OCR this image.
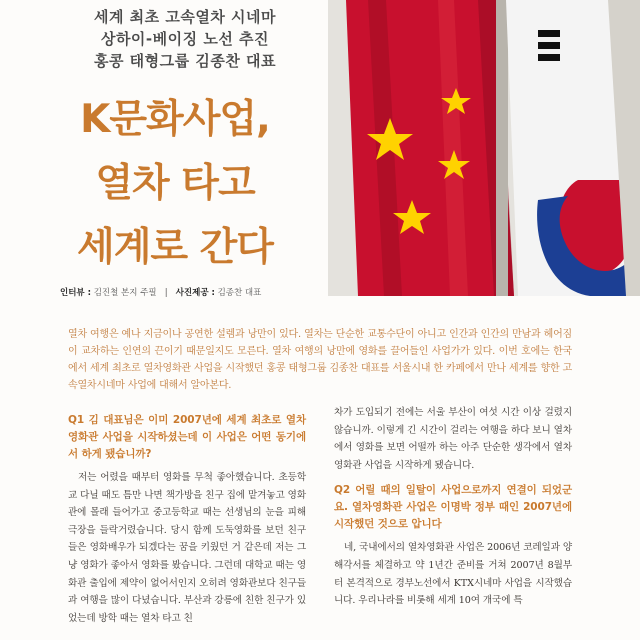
세계 최초 고속열차 시네마
상하이-베이징 노선 추진
홍콩 태형그룹 김종찬 대표
K문화사업,
열차 타고
세계로 간다
인터뷰 : 김진철 본지 주필 | 사진제공 : 김종찬 대표
열차 여행은 예나 지금이나 공연한 설렘과 낭만이 있다. 열차는 단순한 교통수단이 아니고 인간과 인간의 만남과 헤어짐이 교차하는 인연의 끈이기 때문일지도 모른다. 열차 여행의 낭만에 영화를 끌어들인 사업가가 있다. 이번 호에는 한국에서 세계 최초로 열차영화관 사업을 시작했던 홍콩 태형그룹 김종찬 대표를 서울시내 한 카페에서 만나 세계를 향한 고속열차시네마 사업에 대해서 알아본다.
Q1 김 대표님은 이미 2007년에 세계 최초로 열차영화관 사업을 시작하셨는데 이 사업은 어떤 동기에서 하게 됐습니까?
저는 어렸을 때부터 영화를 무척 좋아했습니다. 초등학교 다닐 때도 틈만 나면 책가방을 친구 집에 맡겨놓고 영화관에 몰래 들어가고 중고등학교 때는 선생님의 눈을 피해 극장을 들락거렸습니다. 당시 함께 도둑영화를 보던 친구들은 영화배우가 되겠다는 꿈을 키웠던 거 같은데 저는 그냥 영화가 좋아서 영화를 봤습니다. 그런데 대학교 때는 영화관 출입에 제약이 없어서인지 오히려 영화관보다 친구들과 여행을 많이 다녔습니다. 부산과 강릉에 친한 친구가 있었는데 방학 때는 열차 타고 친
차가 도입되기 전에는 서울 부산이 여섯 시간 이상 걸렸지 않습니까. 이렇게 긴 시간이 걸리는 여행을 하다 보니 열차에서 영화를 보면 어떨까 하는 아주 단순한 생각에서 열차영화관 사업을 시작하게 됐습니다.
Q2 어릴 때의 일탈이 사업으로까지 연결이 되었군요. 열차영화관 사업은 이명박 정부 때인 2007년에 시작했던 것으로 압니다
네, 국내에서의 열차영화관 사업은 2006년 코레일과 양해각서를 체결하고 약 1년간 준비를 거쳐 2007년 8월부터 본격적으로 경부노선에서 KTX시네마 사업을 시작했습니다. 우리나라를 비롯해 세계 10여 개국에 특
